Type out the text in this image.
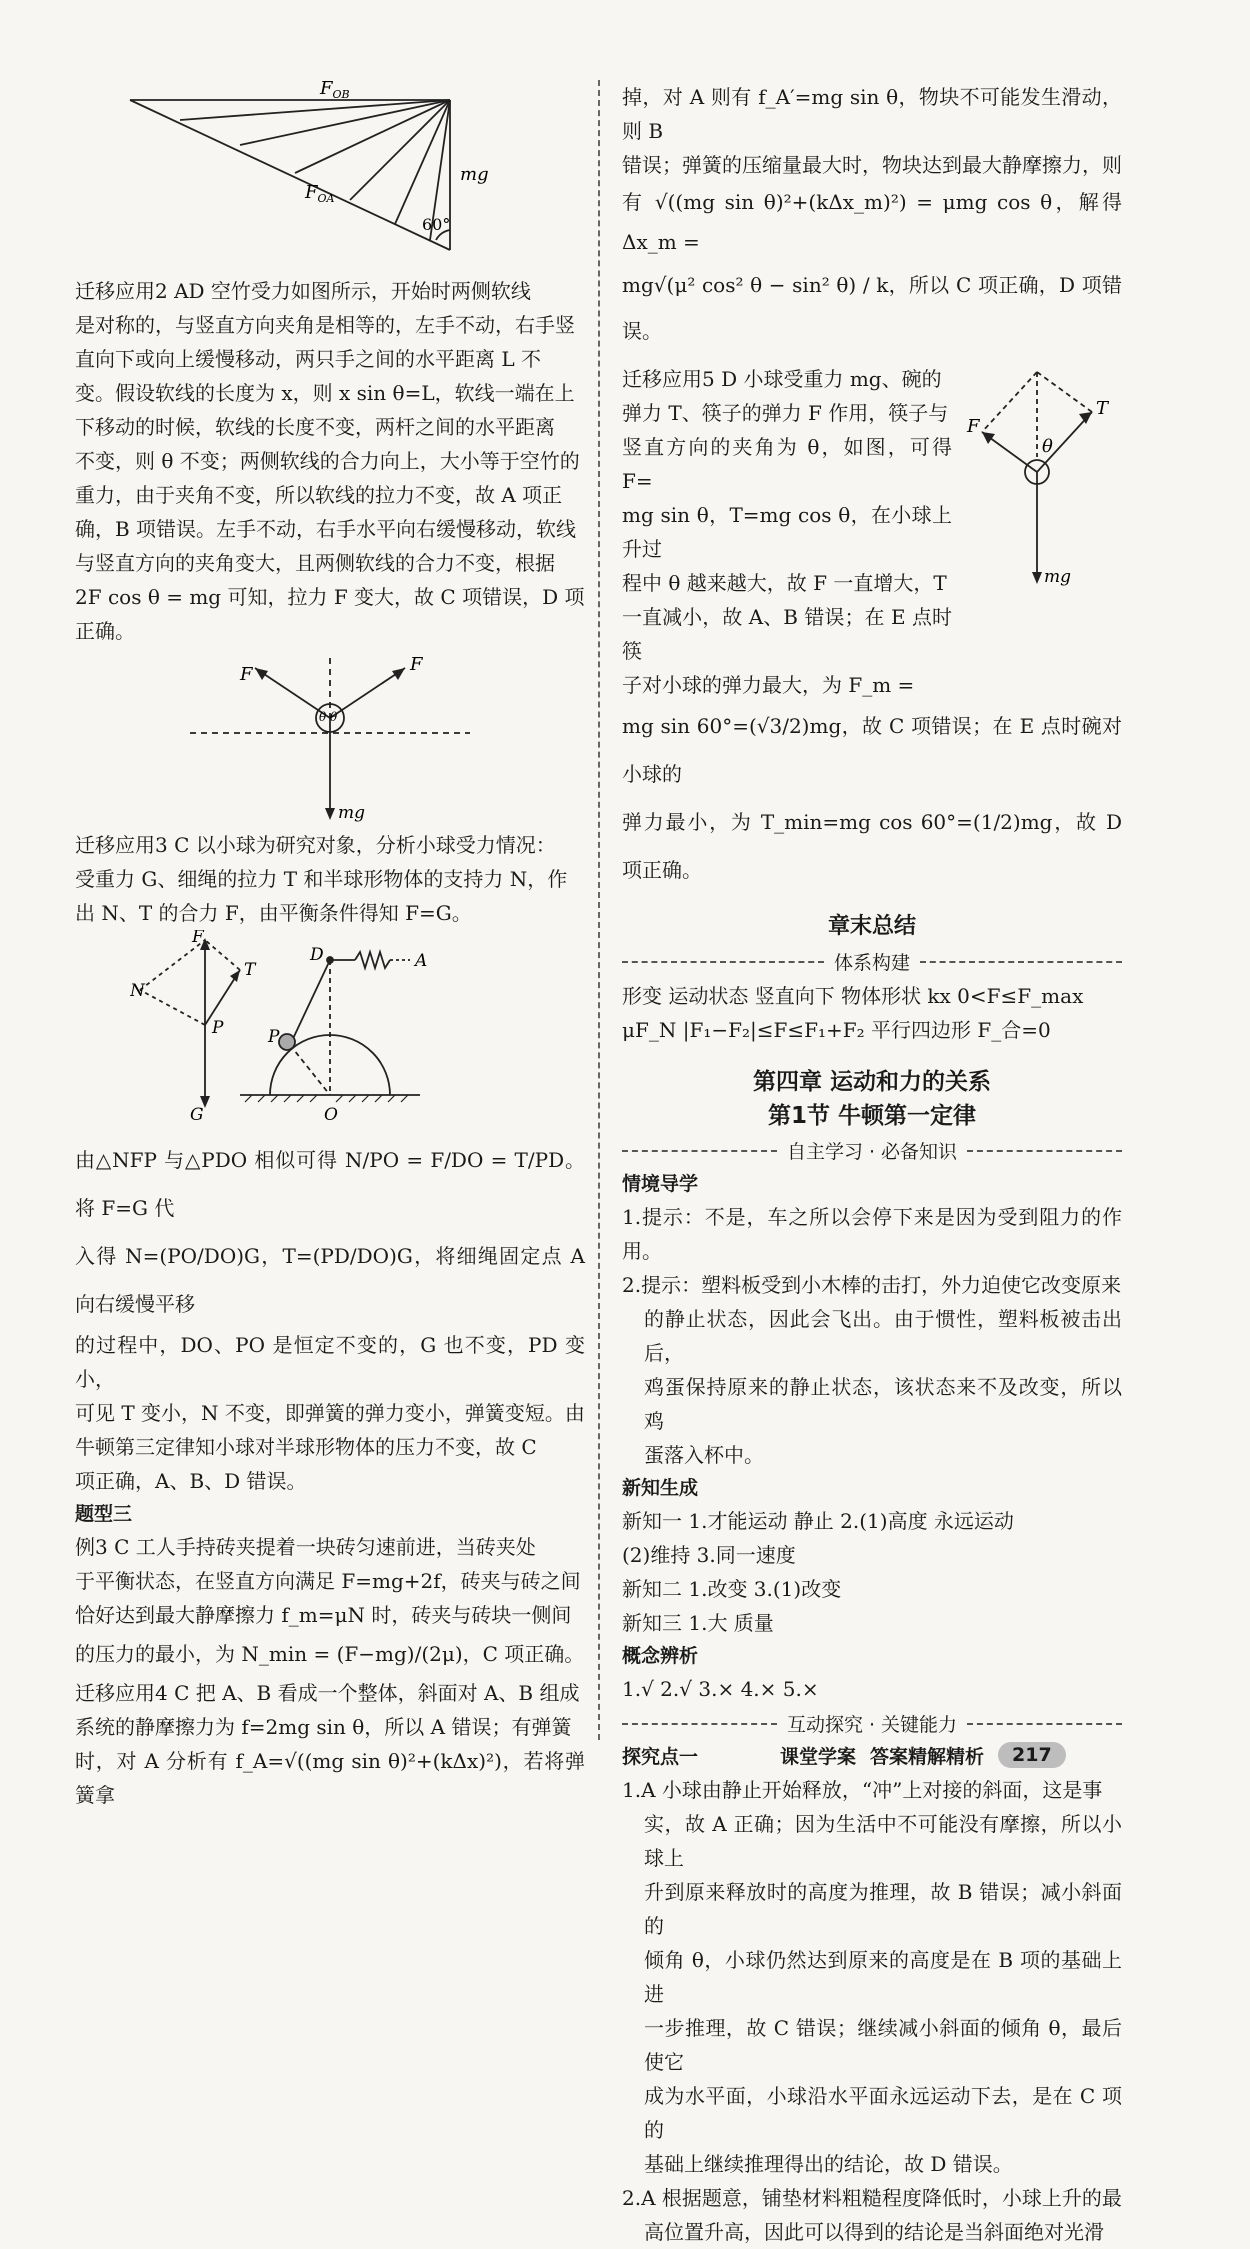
$F_{OB}$
$F_{OA}$
mg
60°

迁移应用2 AD 空竹受力如图所示，开始时两侧软线

是对称的，与竖直方向夹角是相等的，左手不动，右手竖

直向下或向上缓慢移动，两只手之间的水平距离 L 不

变。假设软线的长度为 x，则 x sin θ=L，软线一端在上

下移动的时候，软线的长度不变，两杆之间的水平距离

不变，则 θ 不变；两侧软线的合力向上，大小等于空竹的

重力，由于夹角不变，所以软线的拉力不变，故 A 项正

确，B 项错误。左手不动，右手水平向右缓慢移动，软线

与竖直方向的夹角变大，且两侧软线的合力不变，根据

2F cos θ = mg 可知，拉力 F 变大，故 C 项错误，D 项

正确。

F	F
θ θ
mg

迁移应用3 C 以小球为研究对象，分析小球受力情况：

受重力 G、细绳的拉力 T 和半球形物体的支持力 N，作

出 N、T 的合力 F，由平衡条件得知 F=G。

F
T
N
P
G
D	A
P
O

由△NFP 与△PDO 相似可得 N/PO = F/DO = T/PD。将 F=G 代

入得 N=(PO/DO)G，T=(PD/DO)G，将细绳固定点 A 向右缓慢平移

的过程中，DO、PO 是恒定不变的，G 也不变，PD 变小，

可见 T 变小，N 不变，即弹簧的弹力变小，弹簧变短。由

牛顿第三定律知小球对半球形物体的压力不变，故 C

项正确，A、B、D 错误。

题型三

例3 C 工人手持砖夹提着一块砖匀速前进，当砖夹处

于平衡状态，在竖直方向满足 F=mg+2f，砖夹与砖之间

恰好达到最大静摩擦力 f_m=μN 时，砖夹与砖块一侧间

的压力的最小，为 N_min = (F−mg)/(2μ)，C 项正确。

迁移应用4 C 把 A、B 看成一个整体，斜面对 A、B 组成

系统的静摩擦力为 f=2mg sin θ，所以 A 错误；有弹簧

时，对 A 分析有 f_A=√((mg sin θ)²+(kΔx)²)，若将弹簧拿

掉，对 A 则有 f_A′=mg sin θ，物块不可能发生滑动，则 B

错误；弹簧的压缩量最大时，物块达到最大静摩擦力，则

有 √((mg sin θ)²+(kΔx_m)²) = μmg cos θ，解得 Δx_m =

mg√(μ² cos² θ − sin² θ) / k，所以 C 项正确，D 项错误。

迁移应用5 D 小球受重力 mg、碗的

弹力 T、筷子的弹力 F 作用，筷子与

竖直方向的夹角为 θ，如图，可得 F=

mg sin θ，T=mg cos θ，在小球上升过

程中 θ 越来越大，故 F 一直增大，T

一直减小，故 A、B 错误；在 E 点时筷

子对小球的弹力最大，为 F_m =

mg sin 60°=(√3/2)mg，故 C 项错误；在 E 点时碗对小球的

弹力最小，为 T_min=mg cos 60°=(1/2)mg，故 D 项正确。

F
T
θ
mg
章末总结
体系构建

形变 运动状态 竖直向下 物体形状 kx 0<F≤F_max

μF_N |F₁−F₂|≤F≤F₁+F₂ 平行四边形 F_合=0

第四章 运动和力的关系
第1节 牛顿第一定律
自主学习 · 必备知识
情境导学

1.提示：不是，车之所以会停下来是因为受到阻力的作用。

2.提示：塑料板受到小木棒的击打，外力迫使它改变原来

的静止状态，因此会飞出。由于惯性，塑料板被击出后，

鸡蛋保持原来的静止状态，该状态来不及改变，所以鸡

蛋落入杯中。

新知生成

新知一 1.才能运动 静止 2.(1)高度 永远运动

(2)维持 3.同一速度

新知二 1.改变 3.(1)改变

新知三 1.大 质量

概念辨析

1.√ 2.√ 3.× 4.× 5.×

互动探究 · 关键能力
探究点一

1.A 小球由静止开始释放，“冲”上对接的斜面，这是事

实，故 A 正确；因为生活中不可能没有摩擦，所以小球上

升到原来释放时的高度为推理，故 B 错误；减小斜面的

倾角 θ，小球仍然达到原来的高度是在 B 项的基础上进

一步推理，故 C 错误；继续减小斜面的倾角 θ，最后使它

成为水平面，小球沿水平面永远运动下去，是在 C 项的

基础上继续推理得出的结论，故 D 错误。

2.A 根据题意，铺垫材料粗糙程度降低时，小球上升的最

高位置升高，因此可以得到的结论是当斜面绝对光滑

课堂学案 答案精解精析	217
